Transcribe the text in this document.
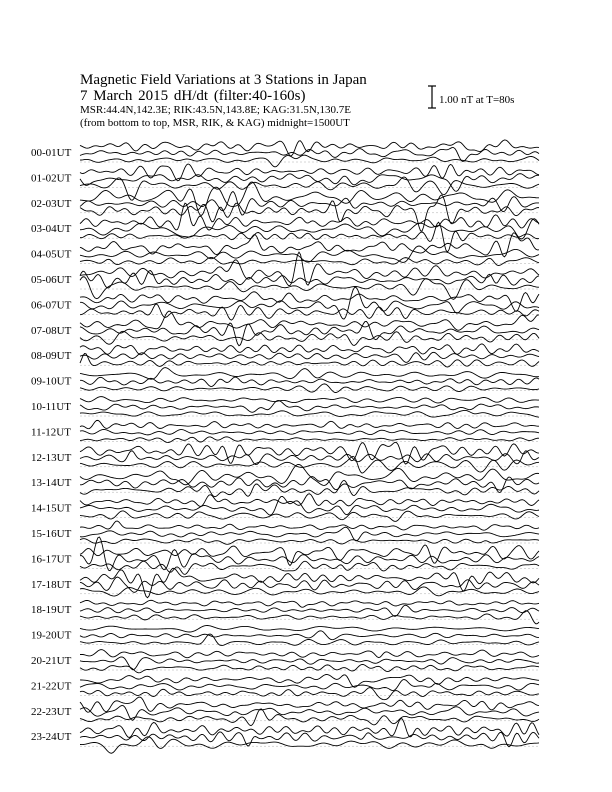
Magnetic Field Variations at 3 Stations in Japan
7 March 2015 dH/dt (filter:40-160s)
MSR:44.4N,142.3E; RIK:43.5N,143.8E; KAG:31.5N,130.7E
(from bottom to top, MSR, RIK, & KAG) midnight=1500UT
1.00 nT at T=80s
00-01UT
01-02UT
02-03UT
03-04UT
04-05UT
05-06UT
06-07UT
07-08UT
08-09UT
09-10UT
10-11UT
11-12UT
12-13UT
13-14UT
14-15UT
15-16UT
16-17UT
17-18UT
18-19UT
19-20UT
20-21UT
21-22UT
22-23UT
23-24UT
